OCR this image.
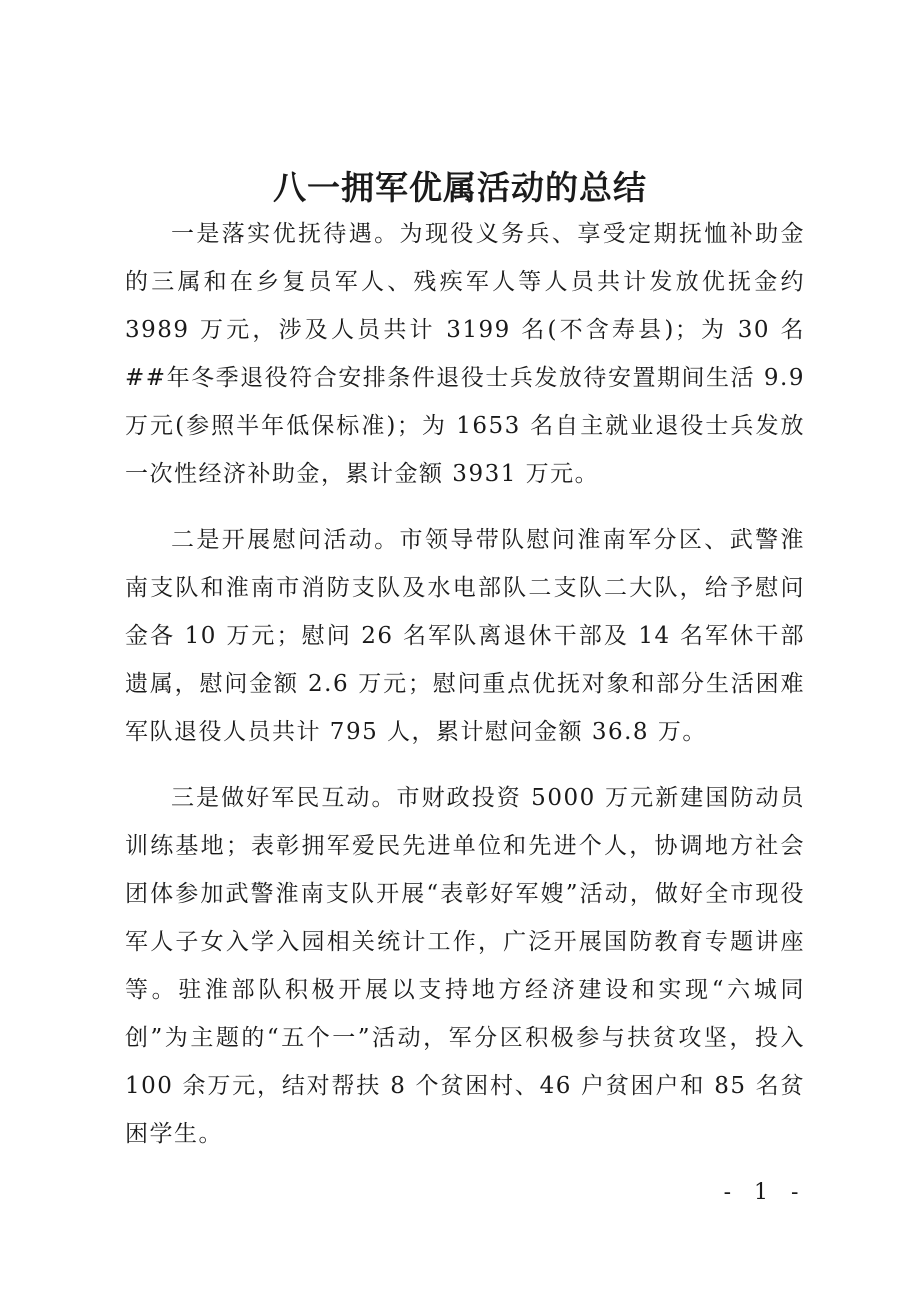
八一拥军优属活动的总结

一是落实优抚待遇。为现役义务兵、享受定期抚恤补助金的三属和在乡复员军人、残疾军人等人员共计发放优抚金约 3989 万元，涉及人员共计 3199 名(不含寿县)；为 30 名##年冬季退役符合安排条件退役士兵发放待安置期间生活 9.9 万元(参照半年低保标准)；为 1653 名自主就业退役士兵发放一次性经济补助金，累计金额 3931 万元。

二是开展慰问活动。市领导带队慰问淮南军分区、武警淮南支队和淮南市消防支队及水电部队二支队二大队，给予慰问金各 10 万元；慰问 26 名军队离退休干部及 14 名军休干部遗属，慰问金额 2.6 万元；慰问重点优抚对象和部分生活困难军队退役人员共计 795 人，累计慰问金额 36.8 万。

三是做好军民互动。市财政投资 5000 万元新建国防动员训练基地；表彰拥军爱民先进单位和先进个人，协调地方社会团体参加武警淮南支队开展“表彰好军嫂”活动，做好全市现役军人子女入学入园相关统计工作，广泛开展国防教育专题讲座等。驻淮部队积极开展以支持地方经济建设和实现“六城同创”为主题的“五个一”活动，军分区积极参与扶贫攻坚，投入 100 余万元，结对帮扶 8 个贫困村、46 户贫困户和 85 名贫困学生。

- 1 -
